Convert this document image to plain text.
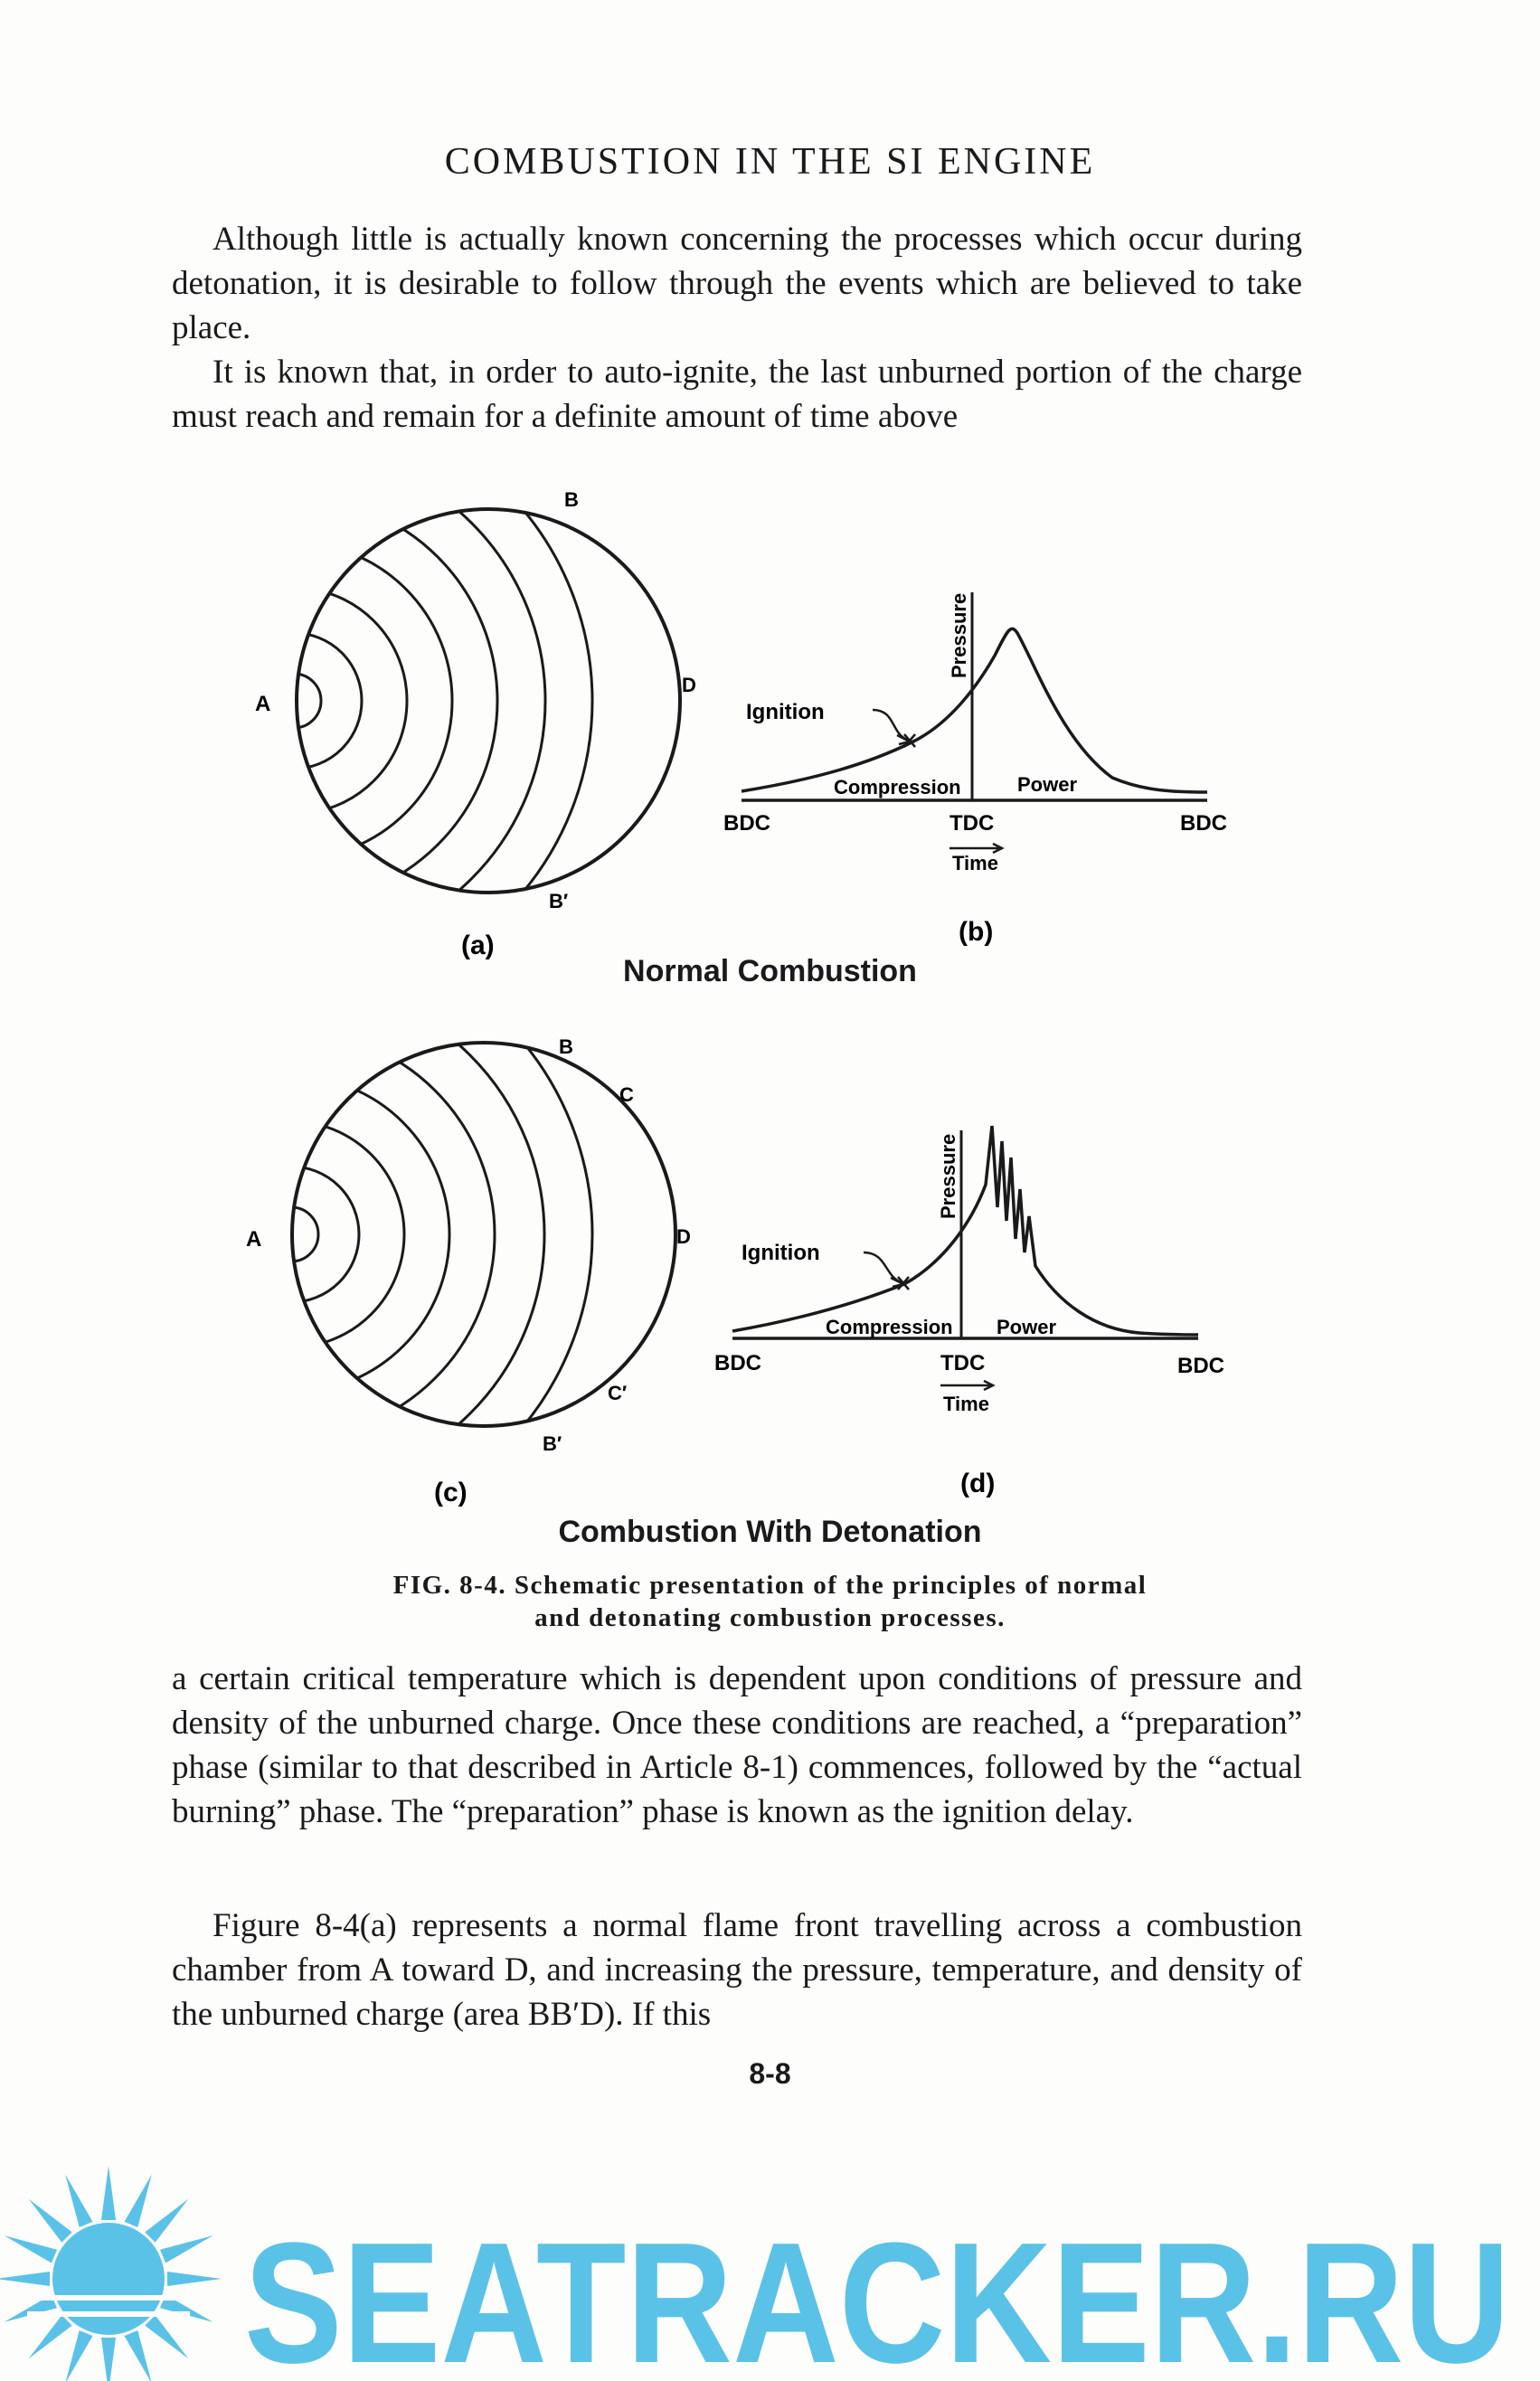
COMBUSTION IN THE SI ENGINE

Although little is actually known concerning the processes which occur during detonation, it is desirable to follow through the events which are believed to take place.

It is known that, in order to auto-ignite, the last unburned portion of the charge must reach and remain for a definite amount of time above

A
B
D
B′
(a)
Pressure
Ignition
Compression	Power
BDC	TDC	BDC
Time
(b)
Normal Combustion
A
B
C
D
C′
B′
(c)
Pressure
Ignition
Compression Power
BDC	TDC	BDC
Time
(d)
Combustion With Detonation
FIG. 8-4. Schematic presentation of the principles of normal
and detonating combustion processes.

a certain critical temperature which is dependent upon conditions of pressure and density of the unburned charge. Once these conditions are reached, a “preparation” phase (similar to that described in Article 8-1) commences, followed by the “actual burning” phase. The “preparation” phase is known as the ignition delay.

Figure 8-4(a) represents a normal flame front travelling across a combustion chamber from A toward D, and increasing the pressure, temperature, and density of the unburned charge (area BB′D). If this

8-8
SEATRACKER.RU
